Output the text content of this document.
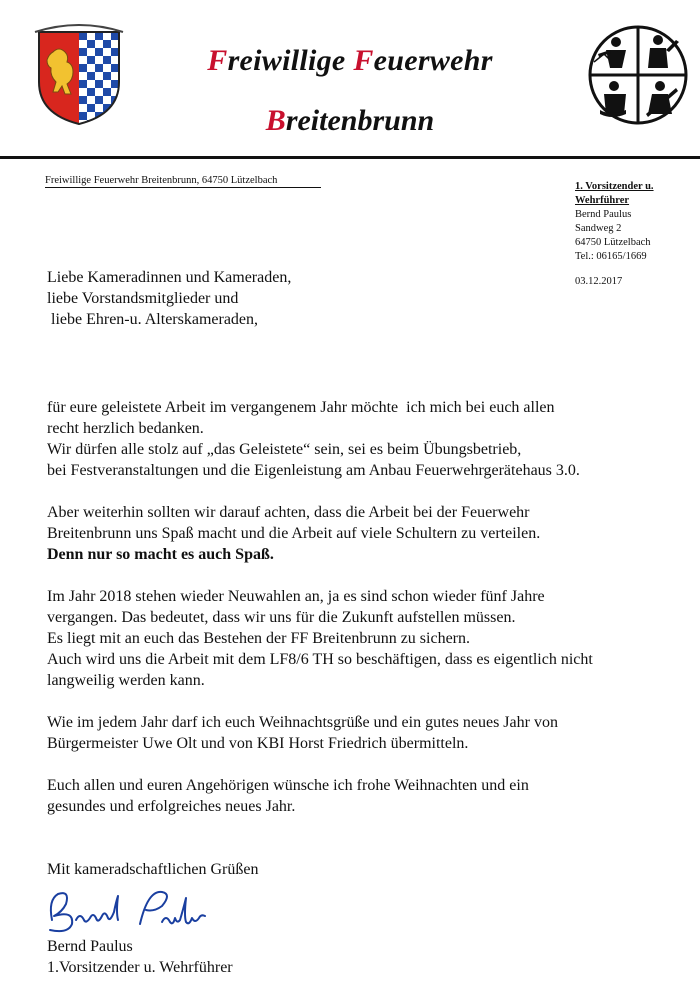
Freiwillige Feuerwehr
Breitenbrunn
Freiwillige Feuerwehr Breitenbrunn, 64750 Lützelbach
1. Vorsitzender u.
Wehrführer
Bernd Paulus
Sandweg 2
64750 Lützelbach
Tel.: 06165/1669
03.12.2017
Liebe Kameradinnen und Kameraden,
liebe Vorstandsmitglieder und
liebe Ehren-u. Alterskameraden,
für eure geleistete Arbeit im vergangenem Jahr möchte  ich mich bei euch allen
recht herzlich bedanken.
Wir dürfen alle stolz auf „das Geleistete“ sein, sei es beim Übungsbetrieb,
bei Festveranstaltungen und die Eigenleistung am Anbau Feuerwehrgerätehaus 3.0.
Aber weiterhin sollten wir darauf achten, dass die Arbeit bei der Feuerwehr
Breitenbrunn uns Spaß macht und die Arbeit auf viele Schultern zu verteilen.
Denn nur so macht es auch Spaß.
Im Jahr 2018 stehen wieder Neuwahlen an, ja es sind schon wieder fünf Jahre
vergangen. Das bedeutet, dass wir uns für die Zukunft aufstellen müssen.
Es liegt mit an euch das Bestehen der FF Breitenbrunn zu sichern.
Auch wird uns die Arbeit mit dem LF8/6 TH so beschäftigen, dass es eigentlich nicht
langweilig werden kann.
Wie im jedem Jahr darf ich euch Weihnachtsgrüße und ein gutes neues Jahr von
Bürgermeister Uwe Olt und von KBI Horst Friedrich übermitteln.
Euch allen und euren Angehörigen wünsche ich frohe Weihnachten und ein
gesundes und erfolgreiches neues Jahr.
Mit kameradschaftlichen Grüßen
Bernd Paulus
1.Vorsitzender u. Wehrführer
